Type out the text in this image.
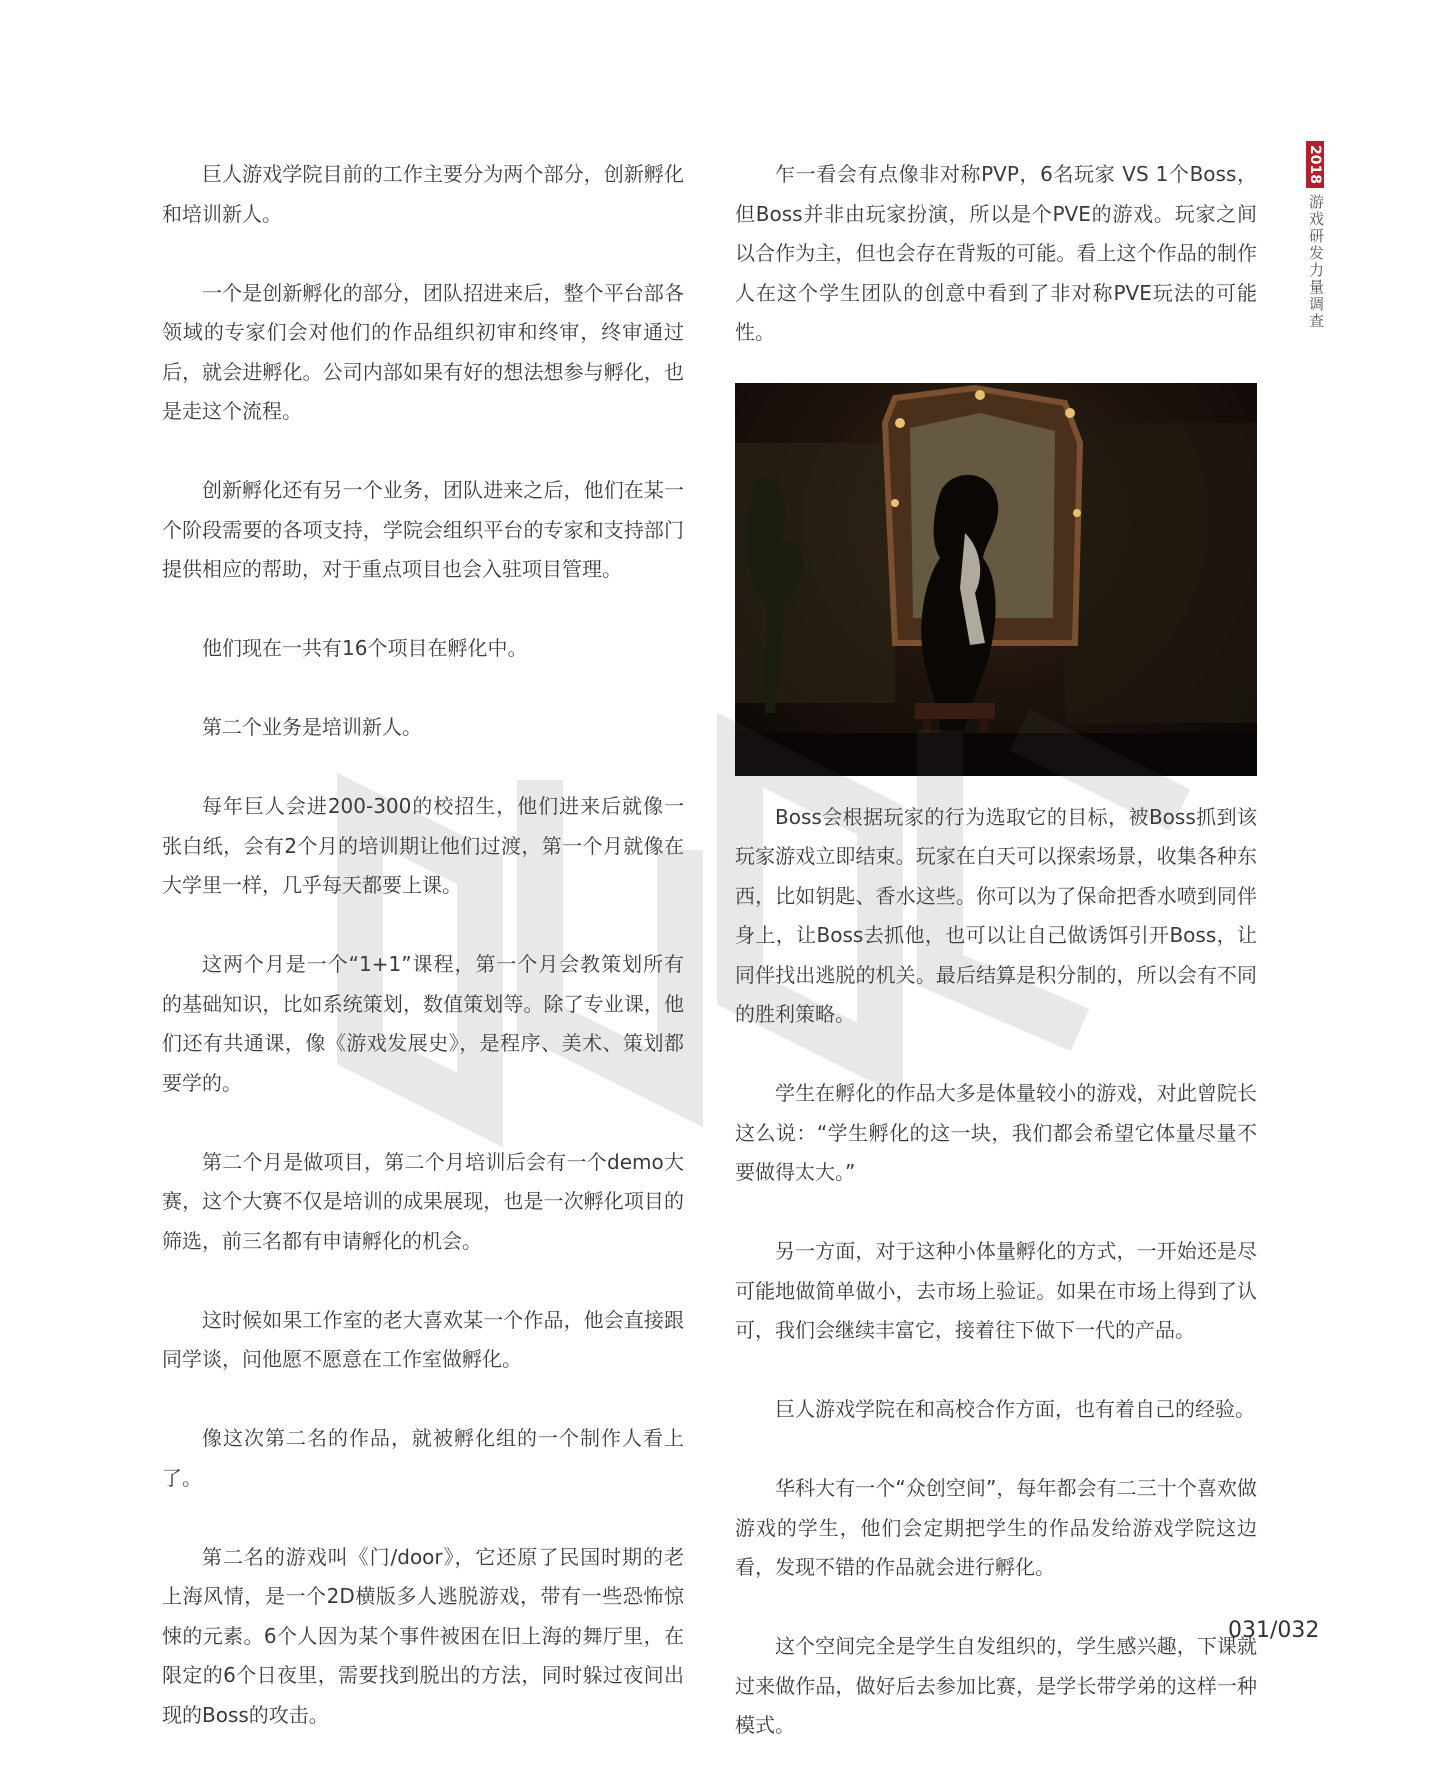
2018
游戏研发力量调查

巨人游戏学院目前的工作主要分为两个部分，创新孵化和培训新人。

一个是创新孵化的部分，团队招进来后，整个平台部各领域的专家们会对他们的作品组织初审和终审，终审通过后，就会进孵化。公司内部如果有好的想法想参与孵化，也是走这个流程。

创新孵化还有另一个业务，团队进来之后，他们在某一个阶段需要的各项支持，学院会组织平台的专家和支持部门提供相应的帮助，对于重点项目也会入驻项目管理。

他们现在一共有16个项目在孵化中。

第二个业务是培训新人。

每年巨人会进200-300的校招生，他们进来后就像一张白纸，会有2个月的培训期让他们过渡，第一个月就像在大学里一样，几乎每天都要上课。

这两个月是一个“1+1”课程，第一个月会教策划所有的基础知识，比如系统策划，数值策划等。除了专业课，他们还有共通课，像《游戏发展史》，是程序、美术、策划都要学的。

第二个月是做项目，第二个月培训后会有一个demo大赛，这个大赛不仅是培训的成果展现，也是一次孵化项目的筛选，前三名都有申请孵化的机会。

这时候如果工作室的老大喜欢某一个作品，他会直接跟同学谈，问他愿不愿意在工作室做孵化。

像这次第二名的作品，就被孵化组的一个制作人看上了。

第二名的游戏叫《门/door》，它还原了民国时期的老上海风情，是一个2D横版多人逃脱游戏，带有一些恐怖惊悚的元素。6个人因为某个事件被困在旧上海的舞厅里，在限定的6个日夜里，需要找到脱出的方法，同时躲过夜间出现的Boss的攻击。

乍一看会有点像非对称PVP，6名玩家 VS 1个Boss，但Boss并非由玩家扮演，所以是个PVE的游戏。玩家之间以合作为主，但也会存在背叛的可能。看上这个作品的制作人在这个学生团队的创意中看到了非对称PVE玩法的可能性。

Boss会根据玩家的行为选取它的目标，被Boss抓到该玩家游戏立即结束。玩家在白天可以探索场景，收集各种东西，比如钥匙、香水这些。你可以为了保命把香水喷到同伴身上，让Boss去抓他，也可以让自己做诱饵引开Boss，让同伴找出逃脱的机关。最后结算是积分制的，所以会有不同的胜利策略。

学生在孵化的作品大多是体量较小的游戏，对此曾院长这么说：“学生孵化的这一块，我们都会希望它体量尽量不要做得太大。”

另一方面，对于这种小体量孵化的方式，一开始还是尽可能地做简单做小，去市场上验证。如果在市场上得到了认可，我们会继续丰富它，接着往下做下一代的产品。

巨人游戏学院在和高校合作方面，也有着自己的经验。

华科大有一个“众创空间”，每年都会有二三十个喜欢做游戏的学生，他们会定期把学生的作品发给游戏学院这边看，发现不错的作品就会进行孵化。

这个空间完全是学生自发组织的，学生感兴趣，下课就过来做作品，做好后去参加比赛，是学长带学弟的这样一种模式。

031/032
